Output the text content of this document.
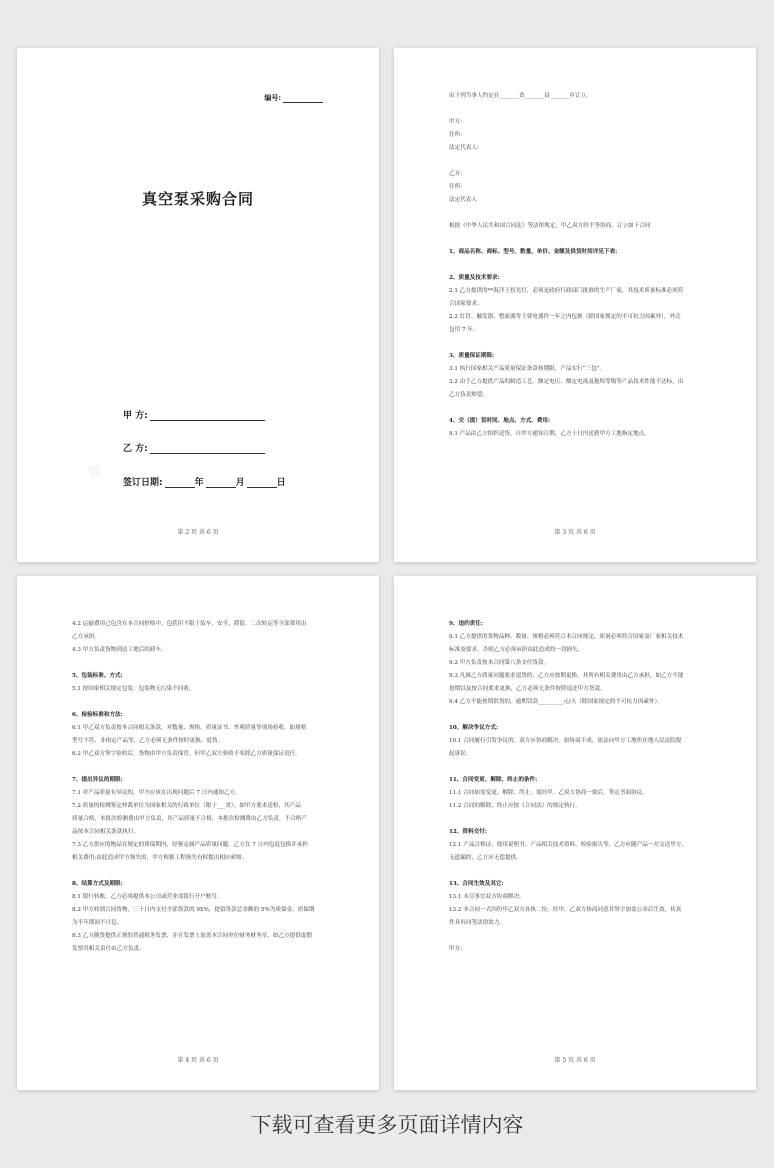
编号:
真空泵采购合同
甲 方:
乙 方:
签订日期:	年	月	日
第 2 页 共 6 页
由下列当事人约定在_______省_______县_______乡订立。
甲方:
住所:
法定代表人:
乙方:
住所:
法定代表人
根据《中华人民共和国合同法》等法律规定，甲乙双方经平等协商，订立如下合同
1、商品名称、商标、型号、数量、单价、金额及供货时间详见下表:
2、质量及技术要求:
2.1 乙方提供的**海洋王投光灯，必须是政府行政部门批准的生产厂家，其技术质量标准必须符
合国家要求。
2.2 灯管、触发器、整流器等主要电器件一年之内包换（除国家规定的不可抗力因素外），外壳
包用 7 年。
3、质量保证期限:
3.1 执行国家相关产品质量保证条款和期限，产品实行“三包”。
3.2 由于乙方提供产品的制造工艺、额定电压、额定电流及抱埠等级等产品技术性能不达标，由
乙方负责赔偿。
4、交（提）货时间、地点、方式、费用:
4.1 产品由乙方组织送货，自甲方通知日期，乙方十日内送到甲方工地指定地点。
第 3 页 共 6 页
4.2 运输费用已包含在本合同价格中，包括但不限于装车、安全、滞留、二次转运等全部费用由
乙方承担。
4.3 甲方负责货物到达工地后的卸车。
5、包装标准、方式:
5.1 按国家相关规定包装，包装物无污染不回收。
6、检验标准和方法:
6.1 甲乙双方负责按本合同相关条款，对数量、规格、质量证书、外观质量等现场验收，如规格
型号不符、非指定产品等，乙方必须无条件按时更换、退货。
6.2 甲乙双方签字验收后，货物由甲方负责保管。但甲乙双方验收不免除乙方质量保证责任。
7、提出异议的期限:
7.1 对产品质量有异议的，甲方应该在出现问题后 7 日内通知乙方。
7.2 质量的检测鉴定仲裁单位为国家相关的行政单位（限于___省）。如甲方要求送检，其产品
质量合格，本批次检测费由甲方负责，其产品质量不合格，本批次检测费由乙方负责，不合格产
品按本合同相关条款执行。
7.3 乙方供应的物品在规定的质保期内，经鉴定属产品质量问题，乙方在 7 日内包退包换并承担
相关费用;由此造成甲方损失的，甲方根据工程损失有权提出相应索赔。
8、结算方式及期限:
8.1 银行转账，乙方必须提供本公司或营业部银行开户账号。
8.2 甲方收到合同货物，三十日内支付全部货款的 95%，提留货款总金额的 5%为质保金，质保期
为半年期间不计息。
8.3 乙方随货提供正规的普通税务发票，并在发票上加盖本合同单位财务财务章，如乙方提供虚假
发票其相关责任由乙方负责。
第 4 页 共 6 页
9、违约责任:
9.1 乙方提供的货物品种、数量、规格必须符合本合同规定，质量必须符合国家及厂家相关技术
标准及要求，否则乙方必须承担由此造成的一切损失。
9.2 甲方负责按本合同第八条支付货款。
9.3 凡属乙方质量问题要求退货的，乙方应按期更换，其所有相关费用由乙方承担，如乙方不能
按期以及按合同要求更换，乙方必须无条件按照退还甲方货款。
9.4 乙方不能按期供货的，逾期罚款_________元/天（除国家规定的不可抗力因素外）。
10、解决争议方式:
10.1 合同履行引发争议的，双方应协商解决。如协商不成，依法向甲方工地所在地人民法院提
起诉讼。
11、合同变更、解除、终止的条件:
11.1 合同如需变更、解除、终止，需经甲、乙双方协商一致后，签定书面协议。
11.2 合同的解除、终止应按《合同法》的规定执行。
12、资料交付:
12.1 产品合格证、使用说明书、产品相关技术资料、检验报告等，乙方应随产品一并交送甲方，
无遗漏的，乙方应无偿提供。
13、合同生效及其它:
13.1 未尽事宜双方协商解决。
13.2 本合同一式四份甲乙双方各执二份，经甲、乙双方协商同意并签字加盖公章后生效，传真
件具有同等法律效力。
甲方:
第 5 页 共 6 页
下载可查看更多页面详情内容
